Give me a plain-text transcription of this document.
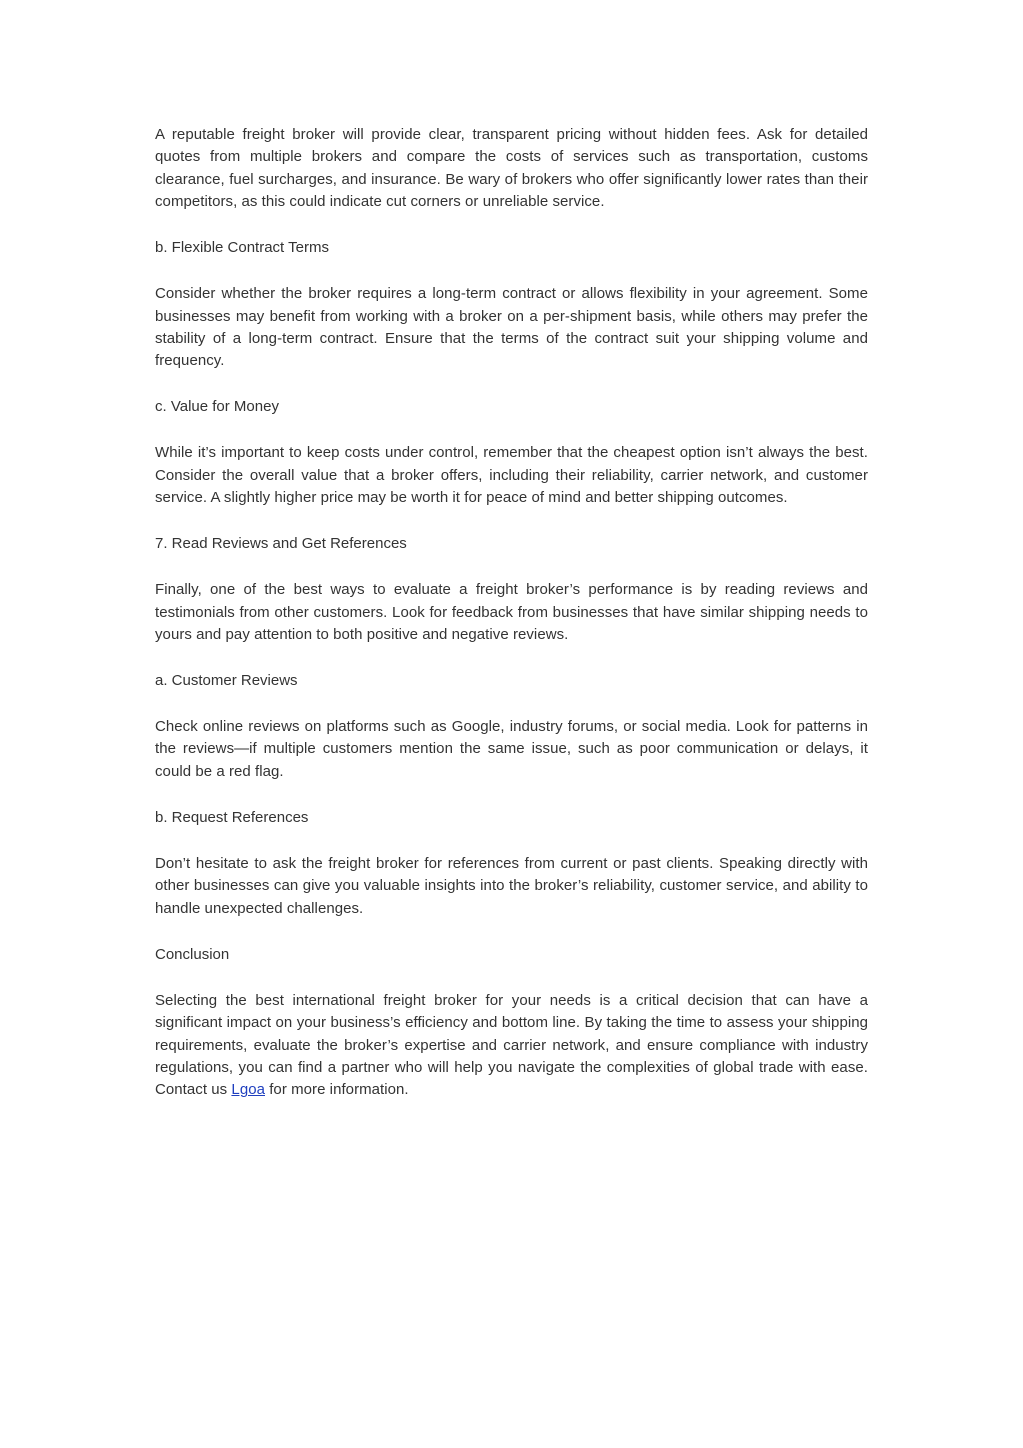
A reputable freight broker will provide clear, transparent pricing without hidden fees. Ask for detailed quotes from multiple brokers and compare the costs of services such as transportation, customs clearance, fuel surcharges, and insurance. Be wary of brokers who offer significantly lower rates than their competitors, as this could indicate cut corners or unreliable service.

b. Flexible Contract Terms

Consider whether the broker requires a long-term contract or allows flexibility in your agreement. Some businesses may benefit from working with a broker on a per-shipment basis, while others may prefer the stability of a long-term contract. Ensure that the terms of the contract suit your shipping volume and frequency.

c. Value for Money

While it’s important to keep costs under control, remember that the cheapest option isn’t always the best. Consider the overall value that a broker offers, including their reliability, carrier network, and customer service. A slightly higher price may be worth it for peace of mind and better shipping outcomes.

7. Read Reviews and Get References

Finally, one of the best ways to evaluate a freight broker’s performance is by reading reviews and testimonials from other customers. Look for feedback from businesses that have similar shipping needs to yours and pay attention to both positive and negative reviews.

a. Customer Reviews

Check online reviews on platforms such as Google, industry forums, or social media. Look for patterns in the reviews—if multiple customers mention the same issue, such as poor communication or delays, it could be a red flag.

b. Request References

Don’t hesitate to ask the freight broker for references from current or past clients. Speaking directly with other businesses can give you valuable insights into the broker’s reliability, customer service, and ability to handle unexpected challenges.

Conclusion

Selecting the best international freight broker for your needs is a critical decision that can have a significant impact on your business’s efficiency and bottom line. By taking the time to assess your shipping requirements, evaluate the broker’s expertise and carrier network, and ensure compliance with industry regulations, you can find a partner who will help you navigate the complexities of global trade with ease. Contact us Lgoa for more information.
